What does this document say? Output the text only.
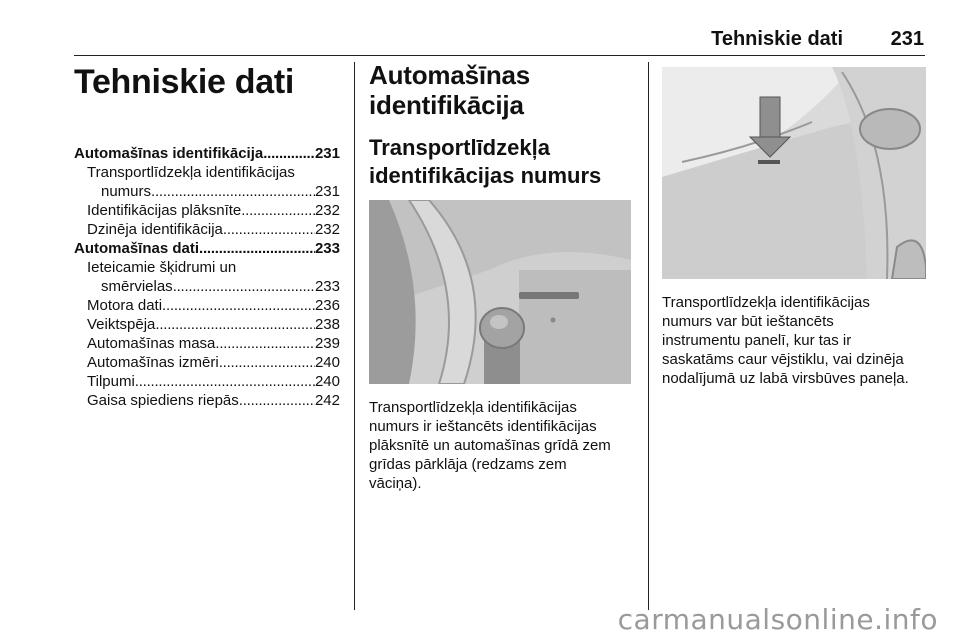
Tehniskie dati 231
Tehniskie dati
Automašīnas identifikācija . . .	231
Transportlīdzekļa identifikācijas
numurs . . .	231
Identifikācijas plāksnīte . . .	232
Dzinēja identifikācija . . .	232
Automašīnas dati . . .	233
Ieteicamie šķidrumi un
smērvielas . . .	233
Motora dati . . .	236
Veiktspēja . . .	238
Automašīnas masa . . .	239
Automašīnas izmēri . . .	240
Tilpumi . . .	240
Gaisa spiediens riepās . . .	242
Automašīnas
identifikācija
Transportlīdzekļa
identifikācijas numurs
Transportlīdzekļa identifikācijas
numurs ir ieštancēts identifikācijas
plāksnītē un automašīnas grīdā zem
grīdas pārklāja (redzams zem
vāciņa).
Transportlīdzekļa identifikācijas
numurs var būt ieštancēts
instrumentu panelī, kur tas ir
saskatāms caur vējstiklu, vai dzinēja
nodalījumā uz labā virsbūves paneļa.
carmanualsonline.info
